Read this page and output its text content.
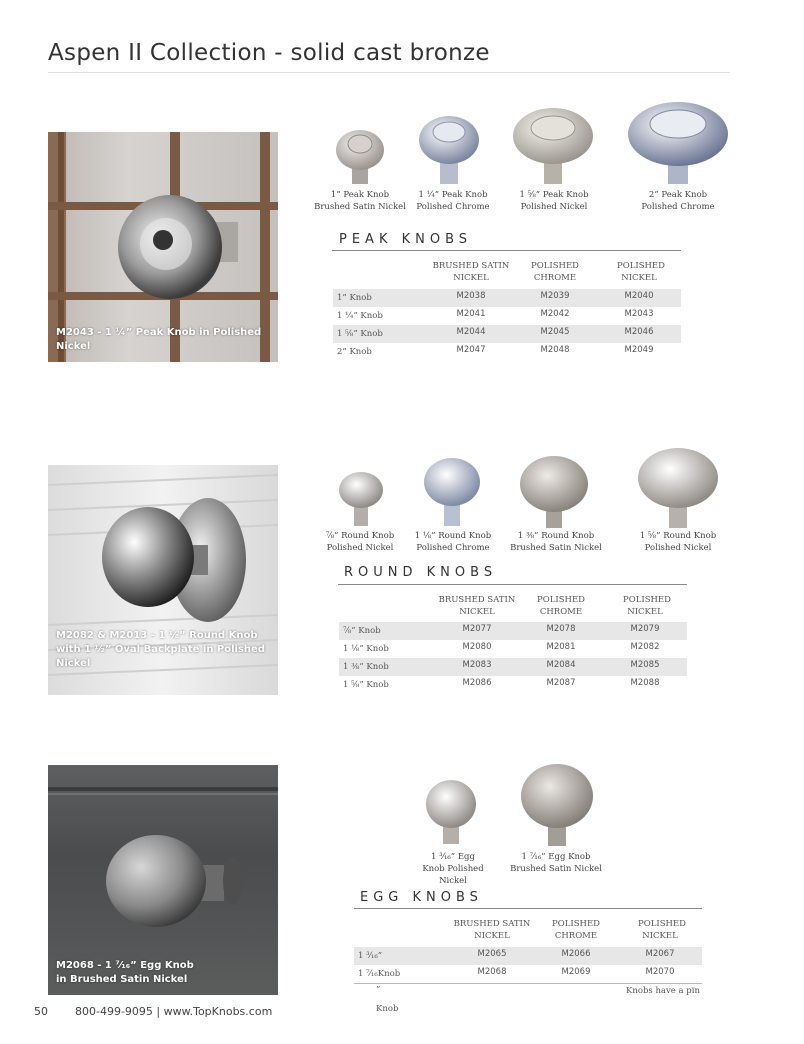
Aspen II Collection - solid cast bronze
M2043 - 1 ¼” Peak Knob in Polished Nickel
1” Peak Knob Brushed Satin Nickel
1 ¼” Peak Knob Polished Chrome
1 ⅝” Peak Knob Polished Nickel
2” Peak Knob Polished Chrome
PEAK KNOBS
BRUSHED SATIN NICKEL
POLISHED CHROME
POLISHED NICKEL
1” Knob	M2038	M2039	M2040
1 ¼” Knob	M2041	M2042	M2043
1 ⅝” Knob	M2044	M2045	M2046
2” Knob	M2047	M2048	M2049
M2082 & M2013 - 1 ⅛” Round Knob with 1 ½” Oval Backplate in Polished Nickel
⅞” Round Knob Polished Nickel
1 ⅛” Round Knob Polished Chrome
1 ⅜” Round Knob Brushed Satin Nickel
1 ⅝” Round Knob Polished Nickel
ROUND KNOBS
BRUSHED SATIN NICKEL
POLISHED CHROME
POLISHED NICKEL
⅞” Knob	M2077	M2078	M2079
1 ⅛” Knob	M2080	M2081	M2082
1 ⅜” Knob	M2083	M2084	M2085
1 ⅝” Knob	M2086	M2087	M2088
M2068 - 1 ⁷⁄₁₆” Egg Knob in Brushed Satin Nickel
1 ³⁄₁₆” Egg Knob Polished Nickel
1 ⁷⁄₁₆” Egg Knob Brushed Satin Nickel
EGG KNOBS
BRUSHED SATIN NICKEL
POLISHED CHROME
POLISHED NICKEL
1 ³⁄₁₆”	M2065	M2066	M2067
1 ⁷⁄₁₆Knob	M2068	M2069	M2070
”
Knob
Knobs have a pin
50 800-499-9095 | www.TopKnobs.com
